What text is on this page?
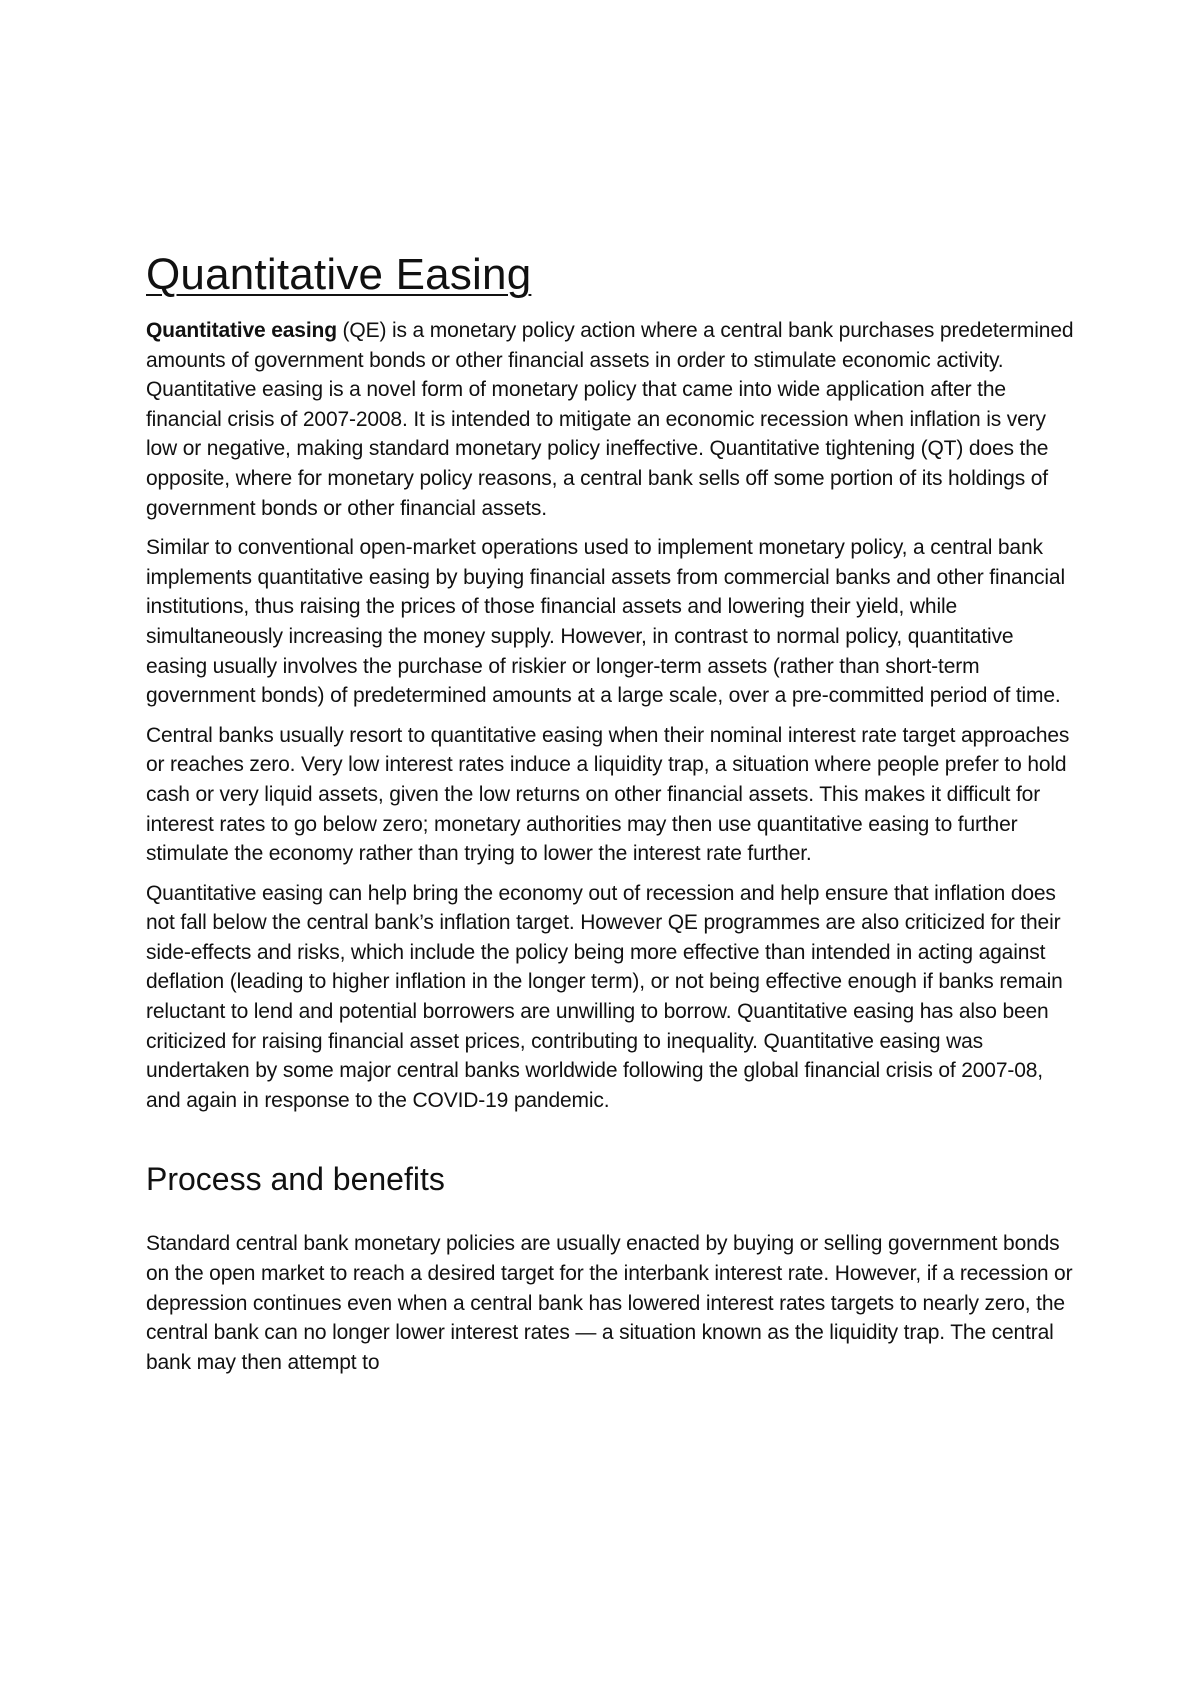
Quantitative Easing

Quantitative easing (QE) is a monetary policy action where a central bank purchases predetermined amounts of government bonds or other financial assets in order to stimulate economic activity. Quantitative easing is a novel form of monetary policy that came into wide application after the financial crisis of 2007-2008. It is intended to mitigate an economic recession when inflation is very low or negative, making standard monetary policy ineffective. Quantitative tightening (QT) does the opposite, where for monetary policy reasons, a central bank sells off some portion of its holdings of government bonds or other financial assets.

Similar to conventional open-market operations used to implement monetary policy, a central bank implements quantitative easing by buying financial assets from commercial banks and other financial institutions, thus raising the prices of those financial assets and lowering their yield, while simultaneously increasing the money supply. However, in contrast to normal policy, quantitative easing usually involves the purchase of riskier or longer-term assets (rather than short-term government bonds) of predetermined amounts at a large scale, over a pre-committed period of time.

Central banks usually resort to quantitative easing when their nominal interest rate target approaches or reaches zero. Very low interest rates induce a liquidity trap, a situation where people prefer to hold cash or very liquid assets, given the low returns on other financial assets. This makes it difficult for interest rates to go below zero; monetary authorities may then use quantitative easing to further stimulate the economy rather than trying to lower the interest rate further.

Quantitative easing can help bring the economy out of recession and help ensure that inflation does not fall below the central bank’s inflation target. However QE programmes are also criticized for their side-effects and risks, which include the policy being more effective than intended in acting against deflation (leading to higher inflation in the longer term), or not being effective enough if banks remain reluctant to lend and potential borrowers are unwilling to borrow. Quantitative easing has also been criticized for raising financial asset prices, contributing to inequality. Quantitative easing was undertaken by some major central banks worldwide following the global financial crisis of 2007-08, and again in response to the COVID-19 pandemic.

Process and benefits

Standard central bank monetary policies are usually enacted by buying or selling government bonds on the open market to reach a desired target for the interbank interest rate. However, if a recession or depression continues even when a central bank has lowered interest rates targets to nearly zero, the central bank can no longer lower interest rates — a situation known as the liquidity trap. The central bank may then attempt to
